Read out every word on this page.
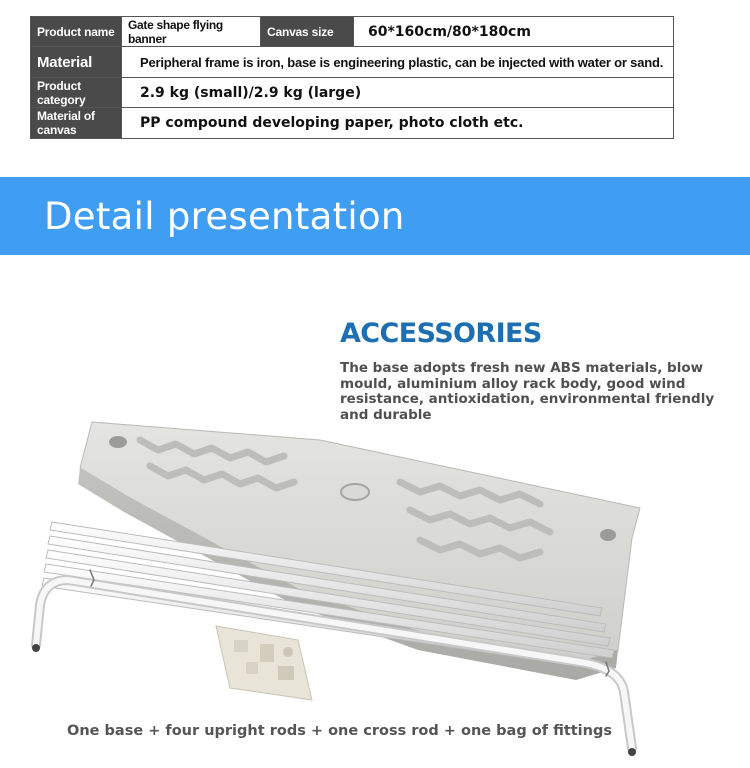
Product name	Gate shape flying banner	Canvas size	60*160cm/80*180cm
Material	Peripheral frame is iron, base is engineering plastic, can be injected with water or sand.		
Product category	2.9 kg (small)/2.9 kg (large)		
Material of canvas	PP compound developing paper, photo cloth etc.		
Detail presentation
ACCESSORIES
The base adopts fresh new ABS materials, blow mould, aluminium alloy rack body, good wind resistance, antioxidation, environmental friendly and durable
One base + four upright rods + one cross rod + one bag of fittings
